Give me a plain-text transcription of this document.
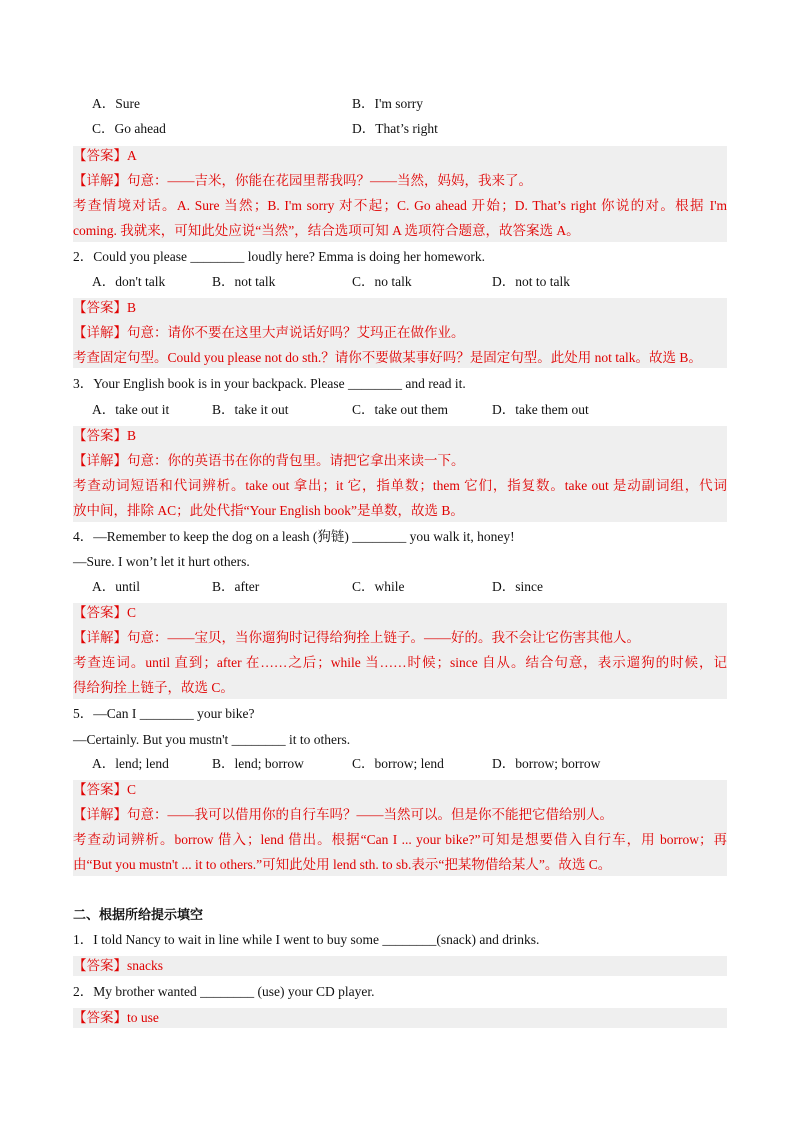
A．Sure	B．I'm sorry
C．Go ahead	D．That’s right
【答案】A
【详解】句意：——吉米，你能在花园里帮我吗？——当然，妈妈，我来了。
考查情境对话。A. Sure 当然；B. I'm sorry 对不起；C. Go ahead 开始；D. That’s right 你说的对。根据 I'm
coming. 我就来，可知此处应说“当然”，结合选项可知 A 选项符合题意，故答案选 A。
2．Could you please ________ loudly here? Emma is doing her homework.
A．don't talk	B．not talk	C．no talk	D．not to talk
【答案】B
【详解】句意：请你不要在这里大声说话好吗？艾玛正在做作业。
考查固定句型。Could you please not do sth.？请你不要做某事好吗？是固定句型。此处用 not talk。故选 B。
3．Your English book is in your backpack. Please ________ and read it.
A．take out it	B．take it out	C．take out them	D．take them out
【答案】B
【详解】句意：你的英语书在你的背包里。请把它拿出来读一下。
考查动词短语和代词辨析。take out 拿出；it 它，指单数；them 它们，指复数。take out 是动副词组，代词
放中间，排除 AC；此处代指“Your English book”是单数，故选 B。
4．—Remember to keep the dog on a leash (狗链) ________ you walk it, honey!
—Sure. I won’t let it hurt others.
A．until	B．after	C．while	D．since
【答案】C
【详解】句意：——宝贝，当你遛狗时记得给狗拴上链子。——好的。我不会让它伤害其他人。
考查连词。until 直到；after 在……之后；while 当……时候；since 自从。结合句意，表示遛狗的时候，记
得给狗拴上链子，故选 C。
5．—Can I ________ your bike?
—Certainly. But you mustn't ________ it to others.
A．lend; lend	B．lend; borrow	C．borrow; lend	D．borrow; borrow
【答案】C
【详解】句意：——我可以借用你的自行车吗？——当然可以。但是你不能把它借给别人。
考查动词辨析。borrow 借入；lend 借出。根据“Can I ... your bike?”可知是想要借入自行车，用 borrow；再
由“But you mustn't ... it to others.”可知此处用 lend sth. to sb.表示“把某物借给某人”。故选 C。
二、根据所给提示填空
1．I told Nancy to wait in line while I went to buy some ________(snack) and drinks.
【答案】snacks
2．My brother wanted ________ (use) your CD player.
【答案】to use
